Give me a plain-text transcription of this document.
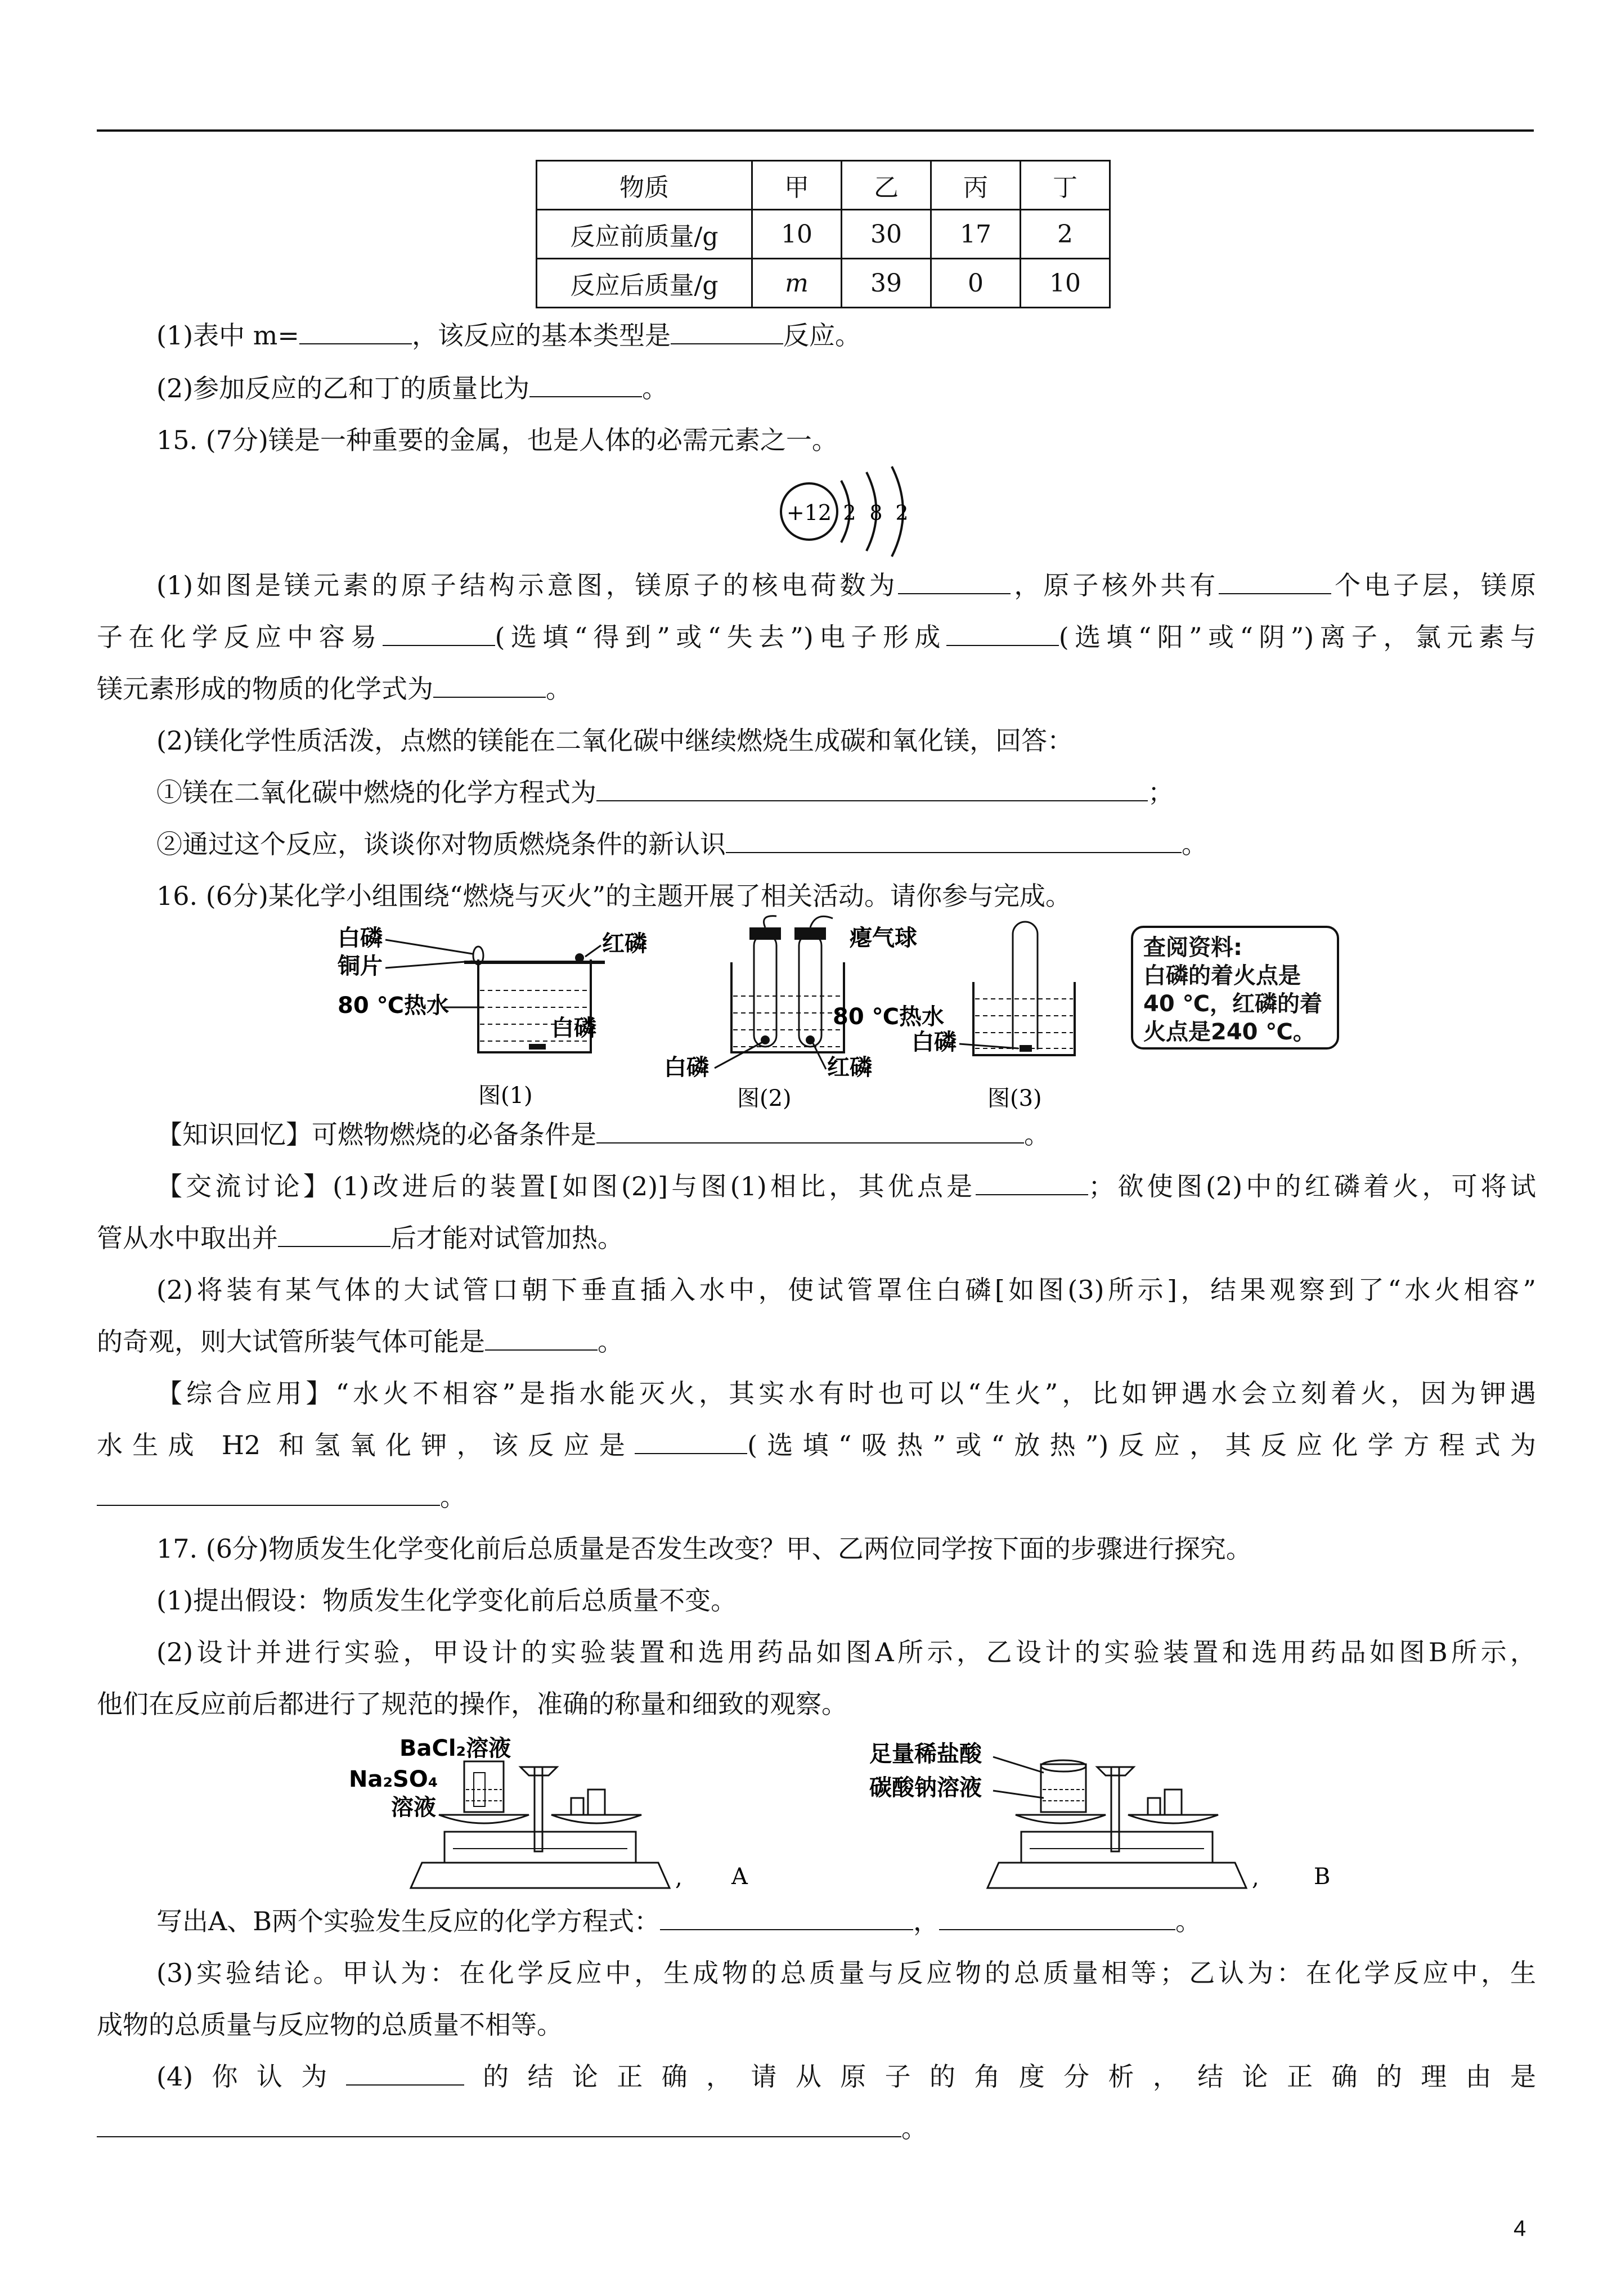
物质	甲	乙	丙	丁
反应前质量/g	10	30	17	2
反应后质量/g	m	39	0	10
(1)表中 m=	，该反应的基本类型是	反应。
(2)参加反应的乙和丁的质量比为	。
15. (7分)镁是一种重要的金属，也是人体的必需元素之一。
+12 2 8 2
(1)如图是镁元素的原子结构示意图，镁原子的核电荷数为	，原子核外共有	个电子层，镁原
子在化学反应中容易	(选填“得到”或“失去”)电子形成	(选填“阳”或“阴”)离子，氯元素与
镁元素形成的物质的化学式为	。
(2)镁化学性质活泼，点燃的镁能在二氧化碳中继续燃烧生成碳和氧化镁，回答：
①镁在二氧化碳中燃烧的化学方程式为	；
②通过这个反应，谈谈你对物质燃烧条件的新认识	。
16. (6分)某化学小组围绕“燃烧与灭火”的主题开展了相关活动。请你参与完成。
白磷
铜片
红磷
80 ℃热水
白磷
图(1)
瘪气球
80 ℃热水
白磷	红磷
图(2)
白磷
图(3)
查阅资料:
白磷的着火点是
40 ℃，红磷的着
火点是240 ℃。
【知识回忆】可燃物燃烧的必备条件是	。
【交流讨论】(1)改进后的装置[如图(2)]与图(1)相比，其优点是	；欲使图(2)中的红磷着火，可将试
管从水中取出并	后才能对试管加热。
(2)将装有某气体的大试管口朝下垂直插入水中，使试管罩住白磷[如图(3)所示]，结果观察到了“水火相容”
的奇观，则大试管所装气体可能是	。
【综合应用】“水火不相容”是指水能灭火，其实水有时也可以“生火”，比如钾遇水会立刻着火，因为钾遇
水生成 H2 和氢氧化钾，该反应是	(选填“吸热”或“放热”)反应，其反应化学方程式为
。
17. (6分)物质发生化学变化前后总质量是否发生改变？甲、乙两位同学按下面的步骤进行探究。
(1)提出假设：物质发生化学变化前后总质量不变。
(2)设计并进行实验，甲设计的实验装置和选用药品如图A所示，乙设计的实验装置和选用药品如图B所示，
他们在反应前后都进行了规范的操作，准确的称量和细致的观察。
BaCl₂溶液
Na₂SO₄
溶液
, A
足量稀盐酸
碳酸钠溶液
, B
写出A、B两个实验发生反应的化学方程式：	，	。
(3)实验结论。甲认为：在化学反应中，生成物的总质量与反应物的总质量相等；乙认为：在化学反应中，生
成物的总质量与反应物的总质量不相等。
(4)你认为	的结论正确，请从原子的角度分析，结论正确的理由是
。
4
